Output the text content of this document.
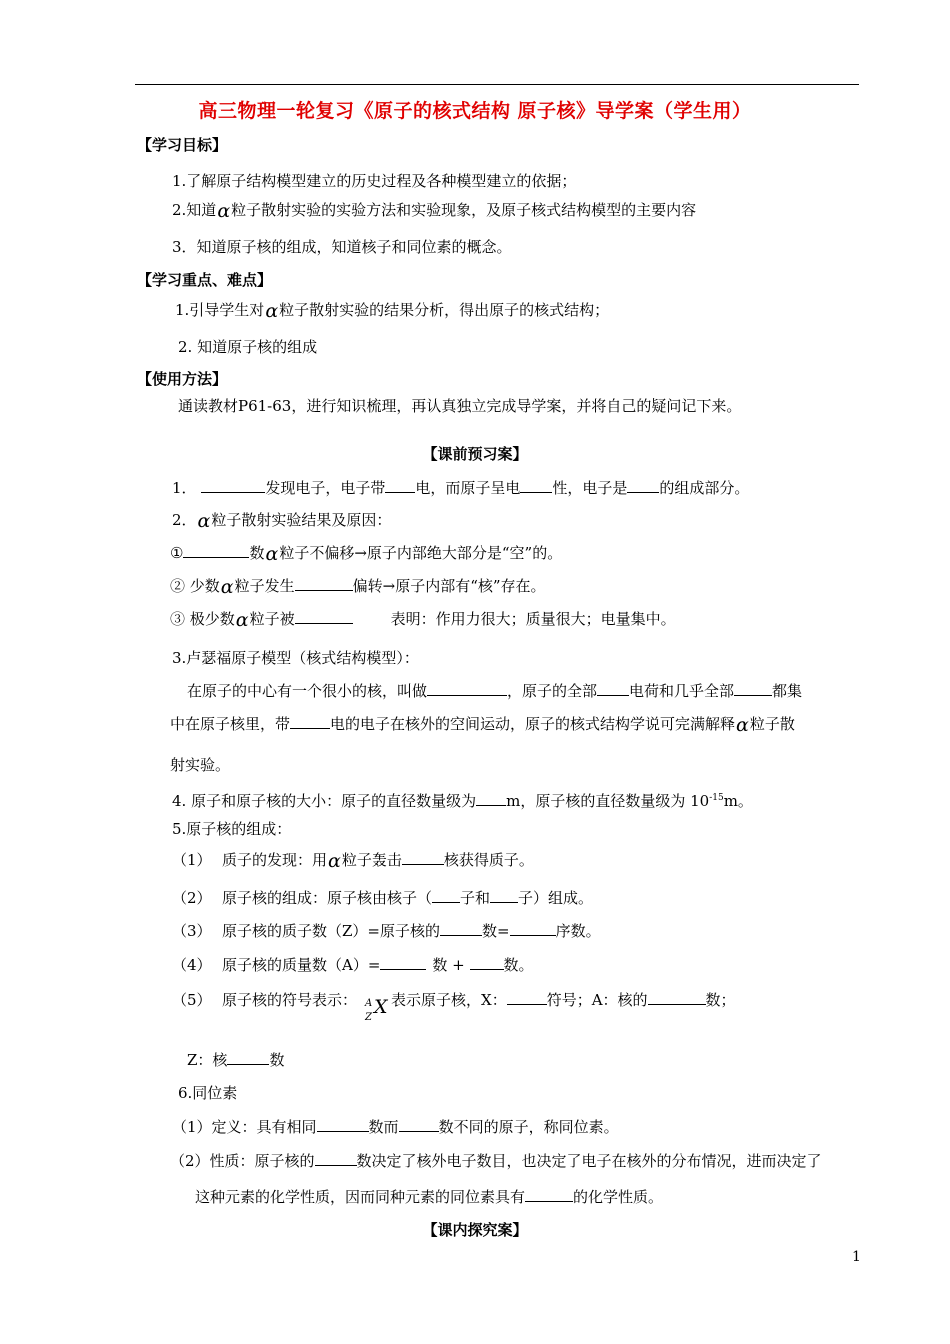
高三物理一轮复习《原子的核式结构 原子核》导学案（学生用）
【学习目标】
1.了解原子结构模型建立的历史过程及各种模型建立的依据；
2.知道α粒子散射实验的实验方法和实验现象，及原子核式结构模型的主要内容
3．知道原子核的组成，知道核子和同位素的概念。
【学习重点、难点】
1.引导学生对α粒子散射实验的结果分析，得出原子的核式结构；
2. 知道原子核的组成
【使用方法】
通读教材P61-63，进行知识梳理，再认真独立完成导学案，并将自己的疑问记下来。
【课前预习案】
1．	发现电子，电子带 电，而原子呈电 性，电子是 的组成部分。
2．α粒子散射实验结果及原因：
①	数α粒子不偏移→原子内部绝大部分是“空”的。
② 少数α粒子发生	偏转→原子内部有“核”存在。
③ 极少数α粒子被	表明：作用力很大；质量很大；电量集中。
3.卢瑟福原子模型（核式结构模型）：
在原子的中心有一个很小的核，叫做	，原子的全部 电荷和几乎全部	都集
中在原子核里，带	电的电子在核外的空间运动，原子的核式结构学说可完满解释α粒子散
射实验。
4. 原子和原子核的大小：原子的直径数量级为 m，原子核的直径数量级为 $10^{-15}m$。
5.原子核的组成：
（1） 质子的发现：用α粒子轰击	核获得质子。
（2） 原子核的组成：原子核由核子（ 子和 子）组成。
（3） 原子核的质子数（Z）=原子核的	数=	序数。
（4） 原子核的质量数（A）=	数 + 数。
（5） 原子核的符号表示： A
Z X 表示原子核，X：	符号；A：核的	数；
Z：核	数
6.同位素
（1）定义：具有相同	数而	数不同的原子，称同位素。
（2）性质：原子核的	数决定了核外电子数目，也决定了电子在核外的分布情况，进而决定了
这种元素的化学性质，因而同种元素的同位素具有	的化学性质。
【课内探究案】
1
